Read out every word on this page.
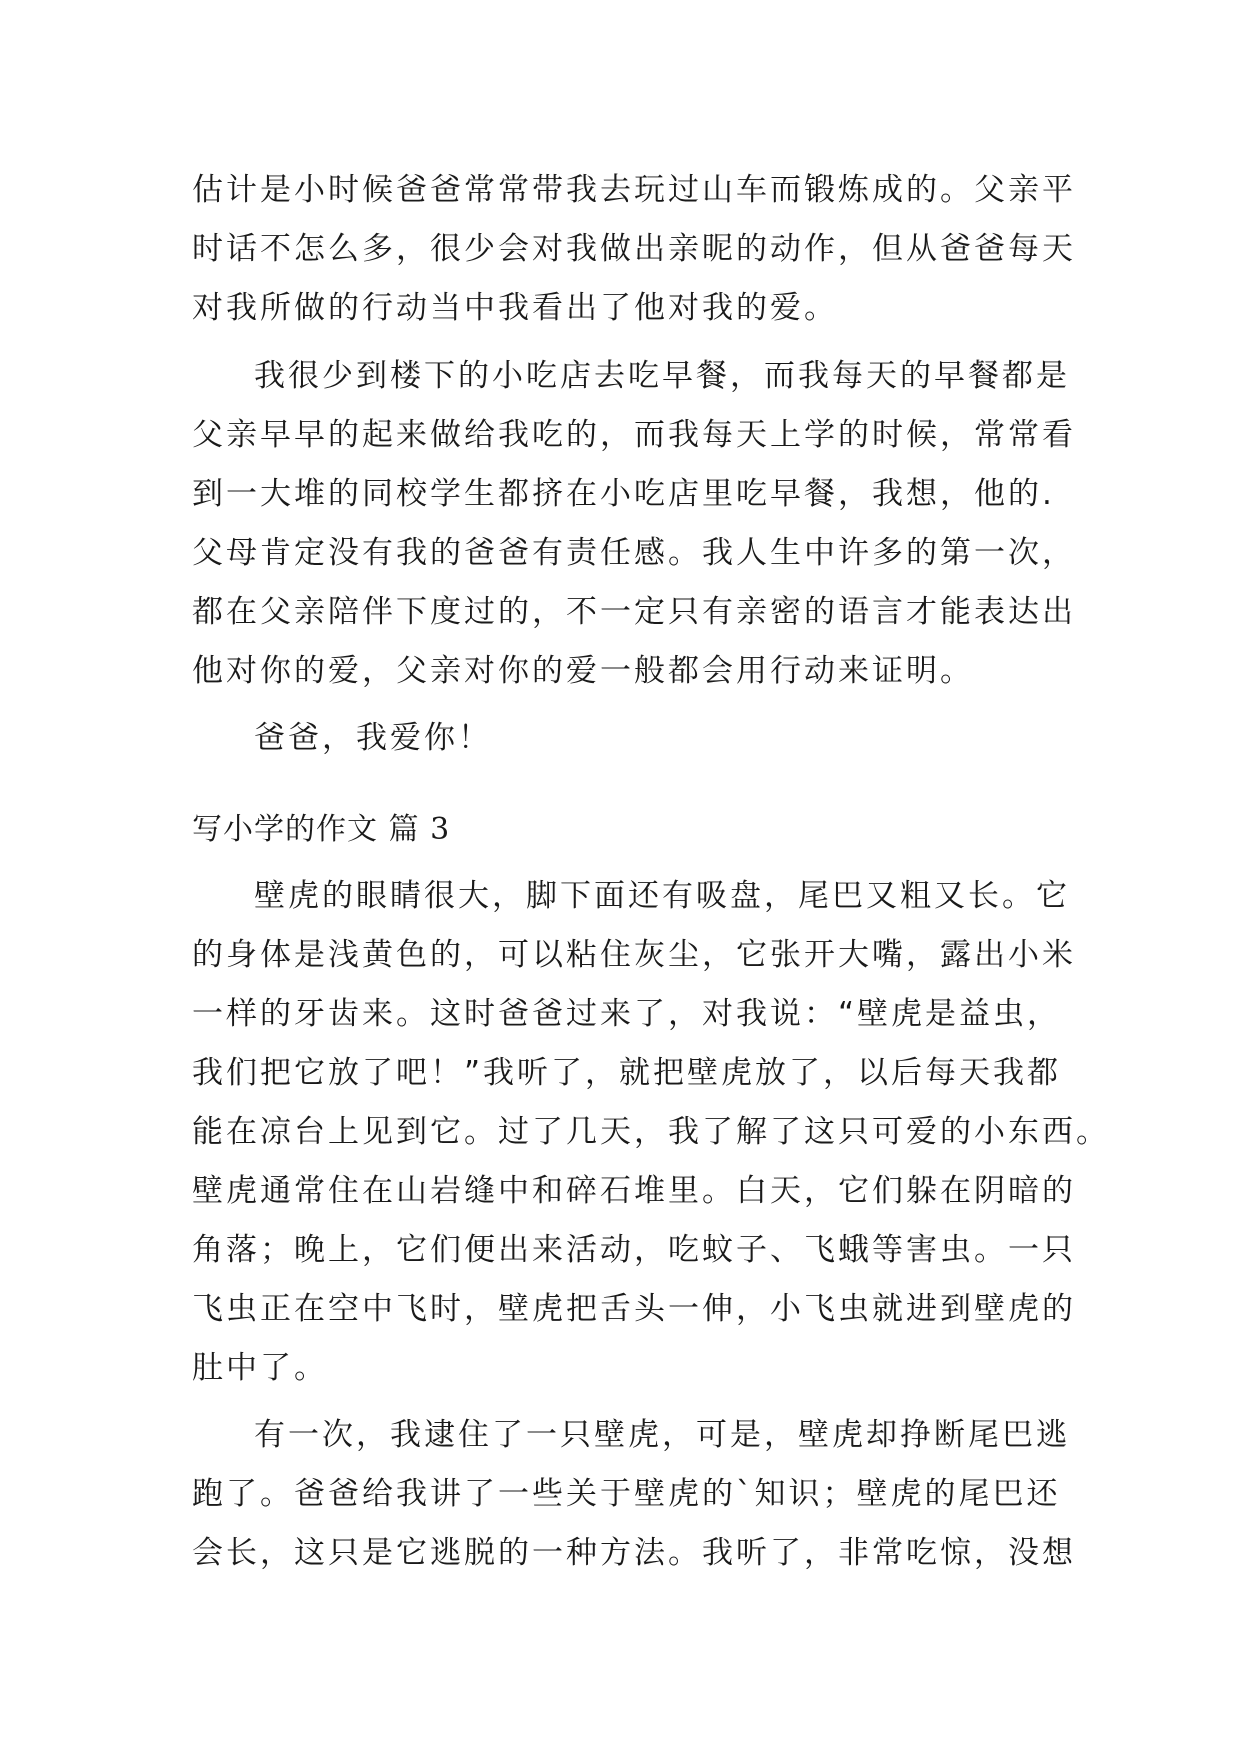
估计是小时候爸爸常常带我去玩过山车而锻炼成的。父亲平
时话不怎么多，很少会对我做出亲昵的动作，但从爸爸每天
对我所做的行动当中我看出了他对我的爱。
我很少到楼下的小吃店去吃早餐，而我每天的早餐都是
父亲早早的起来做给我吃的，而我每天上学的时候，常常看
到一大堆的同校学生都挤在小吃店里吃早餐，我想，他的.
父母肯定没有我的爸爸有责任感。我人生中许多的第一次，
都在父亲陪伴下度过的，不一定只有亲密的语言才能表达出
他对你的爱，父亲对你的爱一般都会用行动来证明。
爸爸，我爱你！
写小学的作文 篇 3
壁虎的眼睛很大，脚下面还有吸盘，尾巴又粗又长。它
的身体是浅黄色的，可以粘住灰尘，它张开大嘴，露出小米
一样的牙齿来。这时爸爸过来了，对我说：“壁虎是益虫，
我们把它放了吧！”我听了，就把壁虎放了，以后每天我都
能在凉台上见到它。过了几天，我了解了这只可爱的小东西。
壁虎通常住在山岩缝中和碎石堆里。白天，它们躲在阴暗的
角落；晚上，它们便出来活动，吃蚊子、飞蛾等害虫。一只
飞虫正在空中飞时，壁虎把舌头一伸，小飞虫就进到壁虎的
肚中了。
有一次，我逮住了一只壁虎，可是，壁虎却挣断尾巴逃
跑了。爸爸给我讲了一些关于壁虎的`知识；壁虎的尾巴还
会长，这只是它逃脱的一种方法。我听了，非常吃惊，没想
